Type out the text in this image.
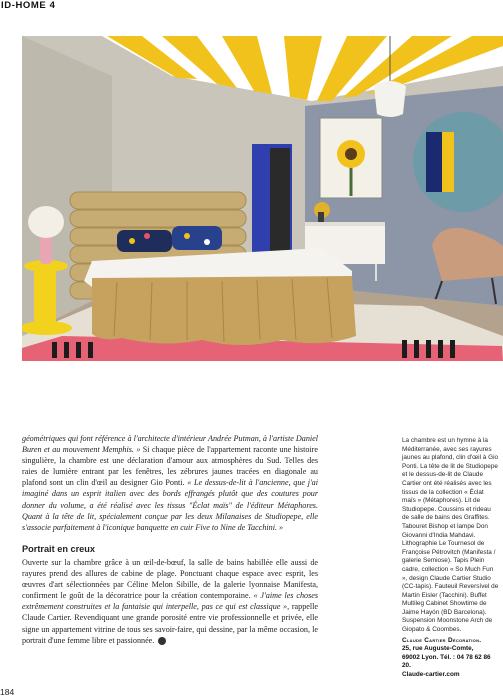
ID-HOME 4

géométriques qui font référence à l'architecte d'intérieur Andrée Putman, à l'artiste Daniel Buren et au mouvement Memphis. » Si chaque pièce de l'appartement raconte une histoire singulière, la chambre est une déclaration d'amour aux atmosphères du Sud. Telles des raies de lumière entrant par les fenêtres, les zébrures jaunes tracées en diagonale au plafond sont un clin d'œil au designer Gio Ponti. « Le dessus-de-lit à l'ancienne, que j'ai imaginé dans un esprit italien avec des bords effrangés plutôt que des coutures pour donner du volume, a été réalisé avec les tissus "Éclat maïs" de l'éditeur Métaphores. Quant à la tête de lit, spécialement conçue par les deux Milanaises de Studiopepe, elle s'associe parfaitement à l'iconique banquette en cuir Five to Nine de Tacchini. »

Portrait en creux

Ouverte sur la chambre grâce à un œil-de-bœuf, la salle de bains habillée elle aussi de rayures prend des allures de cabine de plage. Ponctuant chaque espace avec esprit, les œuvres d'art sélectionnées par Céline Melon Sibille, de la galerie lyonnaise Manifesta, confirment le goût de la décoratrice pour la création contemporaine. « J'aime les choses extrêmement construites et la fantaisie qui interpelle, pas ce qui est classique », rappelle Claude Cartier. Revendiquant une grande porosité entre vie professionnelle et privée, elle signe un appartement vitrine de tous ses savoir-faire, qui dessine, par la même occasion, le portrait d'une femme libre et passionnée.

La chambre est un hymne à la Méditerranée, avec ses rayures jaunes au plafond, clin d'œil à Gio Ponti. La tête de lit de Studiopepe et le dessus-de-lit de Claude Cartier ont été réalisés avec les tissus de la collection « Éclat maïs » (Métaphores). Lit de Studiopepe. Coussins et rideau de salle de bains des Graffites. Tabouret Bishop et lampe Don Giovanni d'India Mahdavi. Lithographie Le Tournesol de Françoise Pétrovitch (Manifesta / galerie Semiose). Tapis Plein cadre, collection « So Much Fun », design Claude Cartier Studio (CC-tapis). Fauteuil Reversível de Martin Eisler (Tacchini). Buffet Multileg Cabinet Showtime de Jaime Hayón (BD Barcelona). Suspension Moonstone Arch de Giopato & Coombes.

Claude Cartier Décoration.
25, rue Auguste-Comte,
69002 Lyon. Tél. : 04 78 62 86 20.
Claude-cartier.com
184
